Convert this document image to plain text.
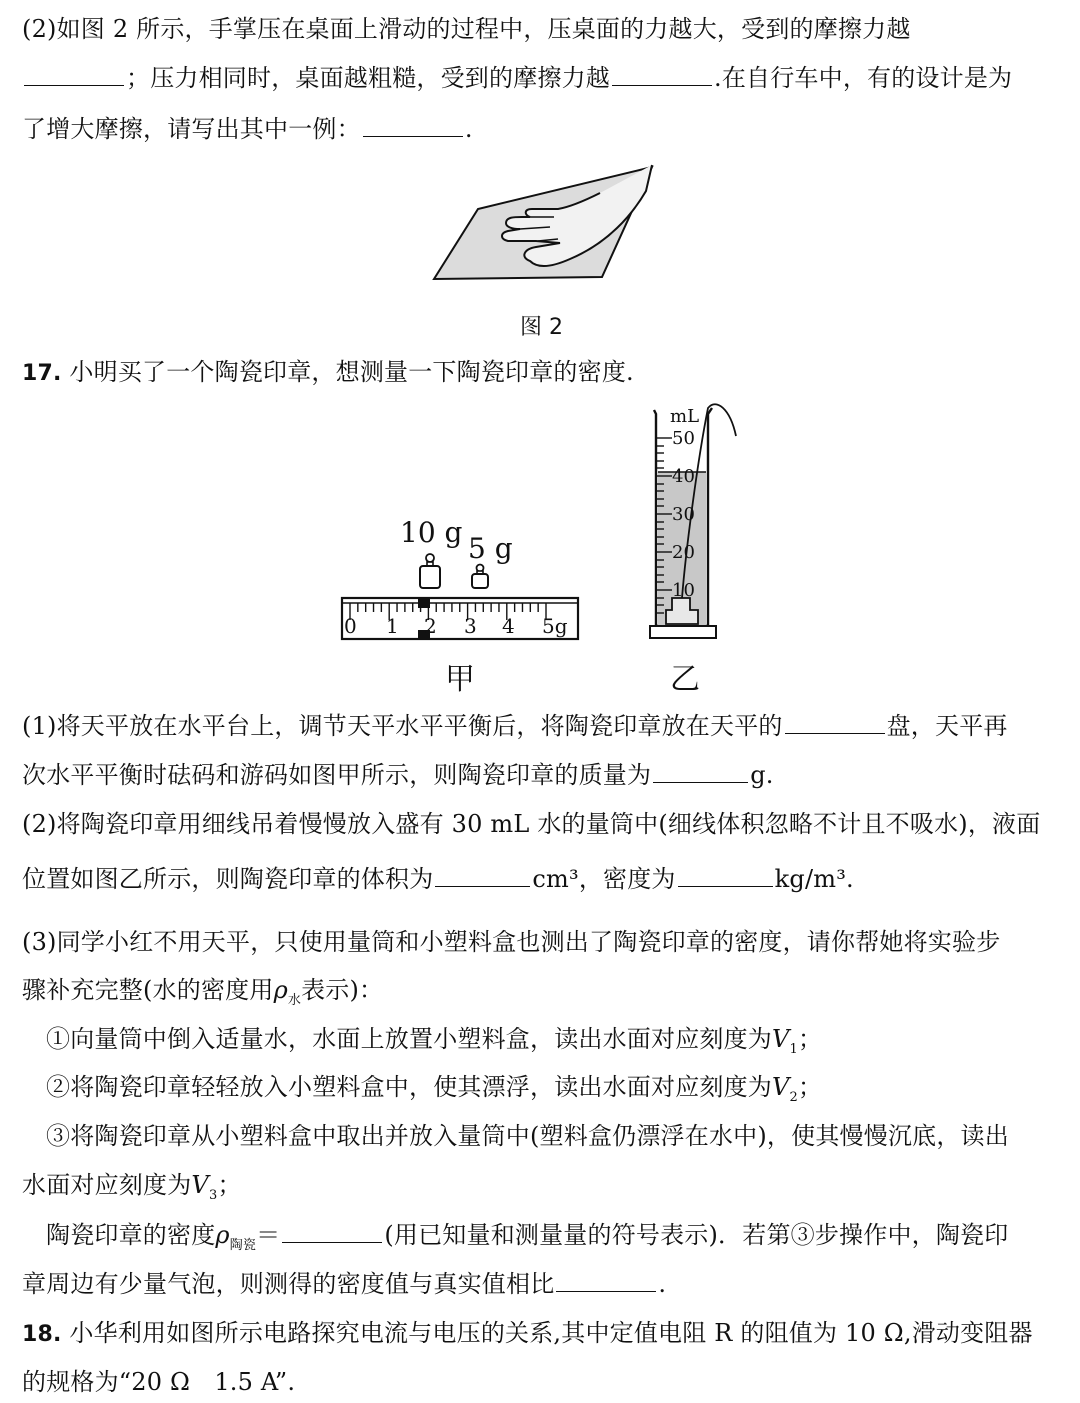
(2)如图 2 所示，手掌压在桌面上滑动的过程中，压桌面的力越大，受到的摩擦力越
；压力相同时，桌面越粗糙，受到的摩擦力越	.在自行车中，有的设计是为
了增大摩擦，请写出其中一例：	.
图 2
17. 小明买了一个陶瓷印章，想测量一下陶瓷印章的密度.
10 g 5 g
0 1 2 3 4 5g
甲
mL
50
40
30
20
10
乙
(1)将天平放在水平台上，调节天平水平平衡后，将陶瓷印章放在天平的	盘，天平再
次水平平衡时砝码和游码如图甲所示，则陶瓷印章的质量为	g.
(2)将陶瓷印章用细线吊着慢慢放入盛有 30 mL 水的量筒中(细线体积忽略不计且不吸水)，液面
位置如图乙所示，则陶瓷印章的体积为	cm³，密度为	kg/m³.
(3)同学小红不用天平，只使用量筒和小塑料盒也测出了陶瓷印章的密度，请你帮她将实验步
骤补充完整(水的密度用$\rho_水$表示)：
①向量筒中倒入适量水，水面上放置小塑料盒，读出水面对应刻度为$V_1$；
②将陶瓷印章轻轻放入小塑料盒中，使其漂浮，读出水面对应刻度为$V_2$；
③将陶瓷印章从小塑料盒中取出并放入量筒中(塑料盒仍漂浮在水中)，使其慢慢沉底，读出
水面对应刻度为$V_3$；
陶瓷印章的密度$\rho_{陶瓷}=$	(用已知量和测量量的符号表示)．若第③步操作中，陶瓷印
章周边有少量气泡，则测得的密度值与真实值相比	.
18. 小华利用如图所示电路探究电流与电压的关系,其中定值电阻 R 的阻值为 10 Ω,滑动变阻器
的规格为“20 Ω　1.5 A”.
